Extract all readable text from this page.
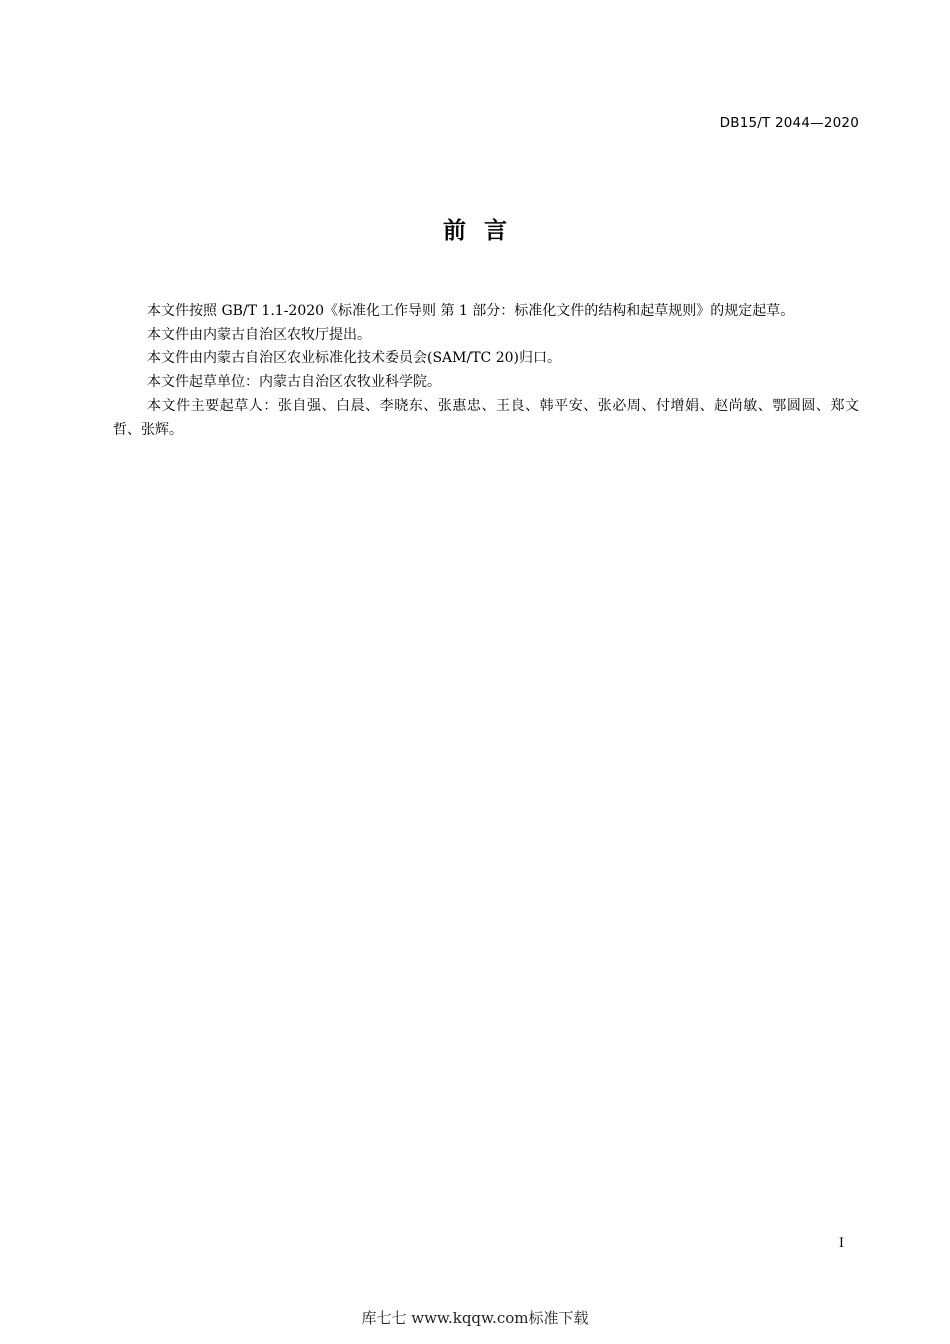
DB15/T 2044—2020
前言

本文件按照 GB/T 1.1-2020《标准化工作导则 第 1 部分：标准化文件的结构和起草规则》的规定起草。

本文件由内蒙古自治区农牧厅提出。

本文件由内蒙古自治区农业标准化技术委员会(SAM/TC 20)归口。

本文件起草单位：内蒙古自治区农牧业科学院。

本文件主要起草人：张自强、白晨、李晓东、张惠忠、王良、韩平安、张必周、付增娟、赵尚敏、鄂圆圆、郑文哲、张辉。

I
库七七 www.kqqw.com标准下载
